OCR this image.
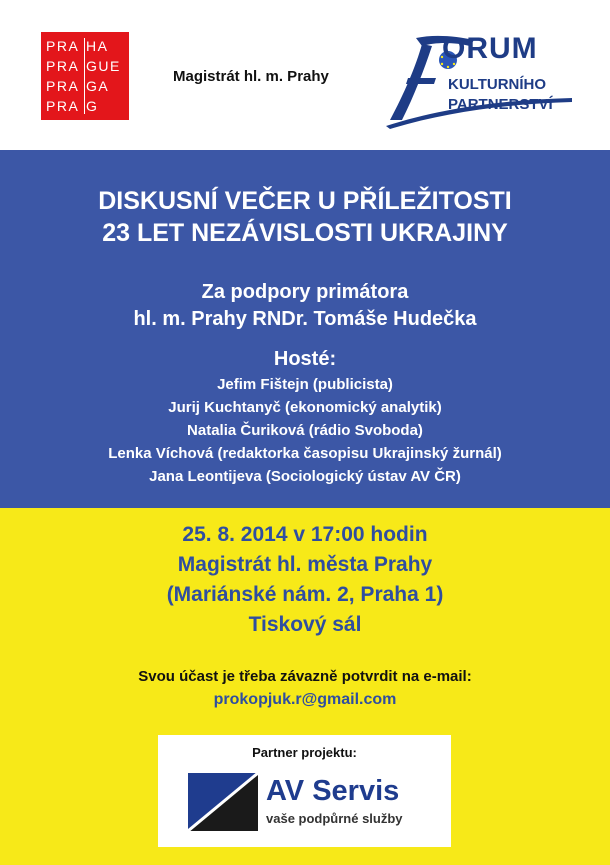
PRA HA
PRA GUE
PRA GA
PRA G
Magistrát hl. m. Prahy
ORUM
KULTURNÍHO
PARTNERSTVÍ
DISKUSNÍ VEČER U PŘÍLEŽITOSTI
23 LET NEZÁVISLOSTI UKRAJINY
Za podpory primátora
hl. m. Prahy RNDr. Tomáše Hudečka
Hosté:
Jefim Fištejn (publicista)
Jurij Kuchtanyč (ekonomický analytik)
Natalia Čuriková (rádio Svoboda)
Lenka Víchová (redaktorka časopisu Ukrajinský žurnál)
Jana Leontijeva (Sociologický ústav AV ČR)
25. 8. 2014 v 17:00 hodin
Magistrát hl. města Prahy
(Mariánské nám. 2, Praha 1)
Tiskový sál
Svou účast je třeba závazně potvrdit na e-mail:
prokopjuk.r@gmail.com
Partner projektu:
AV Servis
vaše podpůrné služby
